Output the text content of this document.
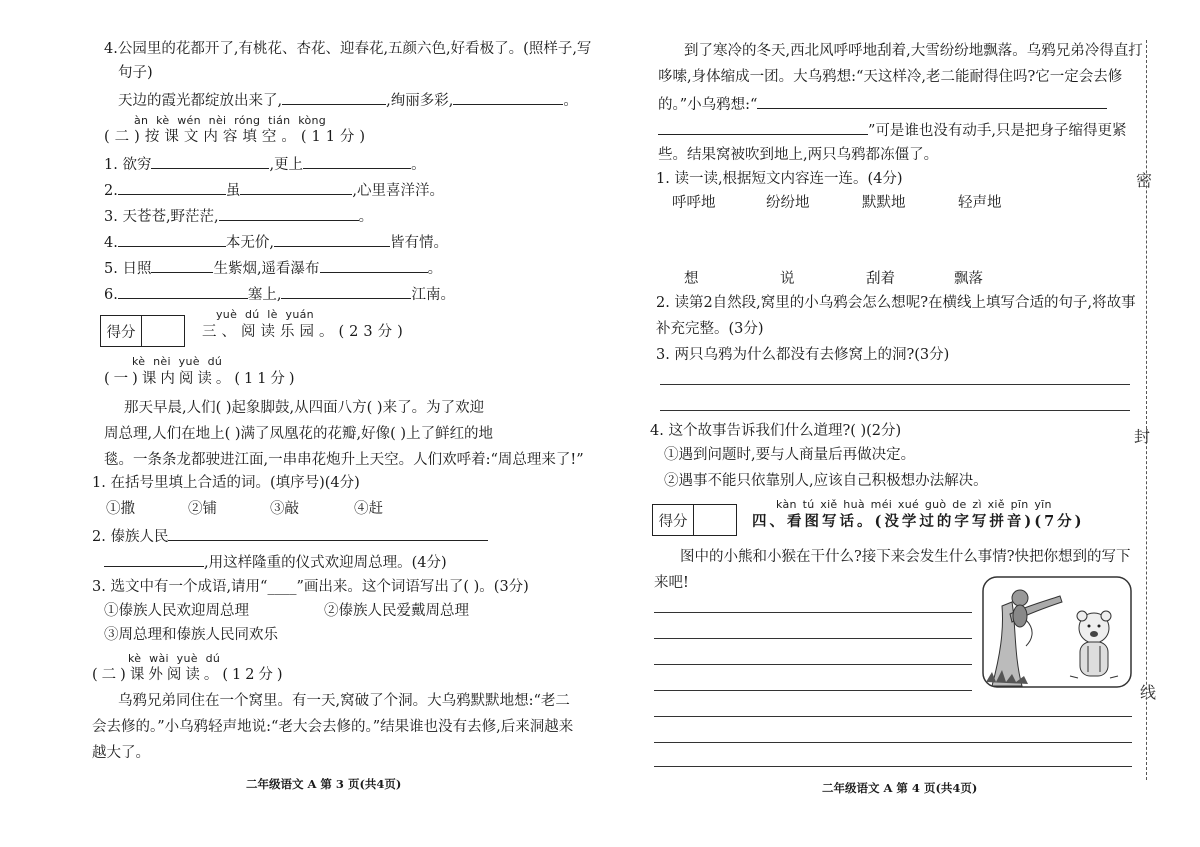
4.公园里的花都开了,有桃花、杏花、迎春花,五颜六色,好看极了。(照样子,写
句子)
天边的霞光都绽放出来了,	,绚丽多彩,	。
àn kè wén nèi róng tián kòng
(二)按课文内容填空。(11分)
1. 欲穷	,更上	。
2.	虽	,心里喜洋洋。
3. 天苍苍,野茫茫,	。
4.	本无价,	皆有情。
5. 日照	生紫烟,遥看瀑布	。
6.	塞上,	江南。
得分
yuè dú lè yuán
三、阅读乐园。(23分)
kè nèi yuè dú
(一)课内阅读。(11分)
那天早晨,人们( )起象脚鼓,从四面八方( )来了。为了欢迎
周总理,人们在地上( )满了凤凰花的花瓣,好像( )上了鲜红的地
毯。一条条龙都驶进江面,一串串花炮升上天空。人们欢呼着:“周总理来了!”
1. 在括号里填上合适的词。(填序号)(4分)
①撒	②铺	③敲	④赶
2. 傣族人民
,用这样隆重的仪式欢迎周总理。(4分)
3. 选文中有一个成语,请用“____”画出来。这个词语写出了( )。(3分)
①傣族人民欢迎周总理	②傣族人民爱戴周总理
③周总理和傣族人民同欢乐
kè wài yuè dú
(二)课外阅读。(12分)
乌鸦兄弟同住在一个窝里。有一天,窝破了个洞。大乌鸦默默地想:“老二
会去修的。”小乌鸦轻声地说:“老大会去修的。”结果谁也没有去修,后来洞越来
越大了。
二年级语文 A 第 3 页(共4页)
到了寒冷的冬天,西北风呼呼地刮着,大雪纷纷地飘落。乌鸦兄弟冷得直打
哆嗦,身体缩成一团。大乌鸦想:“天这样冷,老二能耐得住吗?它一定会去修
的。”小乌鸦想:“
”可是谁也没有动手,只是把身子缩得更紧
些。结果窝被吹到地上,两只乌鸦都冻僵了。
1. 读一读,根据短文内容连一连。(4分)
呼呼地	纷纷地	默默地	轻声地
想	说	刮着	飘落
2. 读第2自然段,窝里的小乌鸦会怎么想呢?在横线上填写合适的句子,将故事
补充完整。(3分)
3. 两只乌鸦为什么都没有去修窝上的洞?(3分)
4. 这个故事告诉我们什么道理?( )(2分)
①遇到问题时,要与人商量后再做决定。
②遇事不能只依靠别人,应该自己积极想办法解决。
得分
kàn tú xiě huà méi xué guò de zì xiě pīn yīn
四、看图写话。(没学过的字写拼音)(7分)
图中的小熊和小猴在干什么?接下来会发生什么事情?快把你想到的写下
来吧!
二年级语文 A 第 4 页(共4页)
密
封
线
